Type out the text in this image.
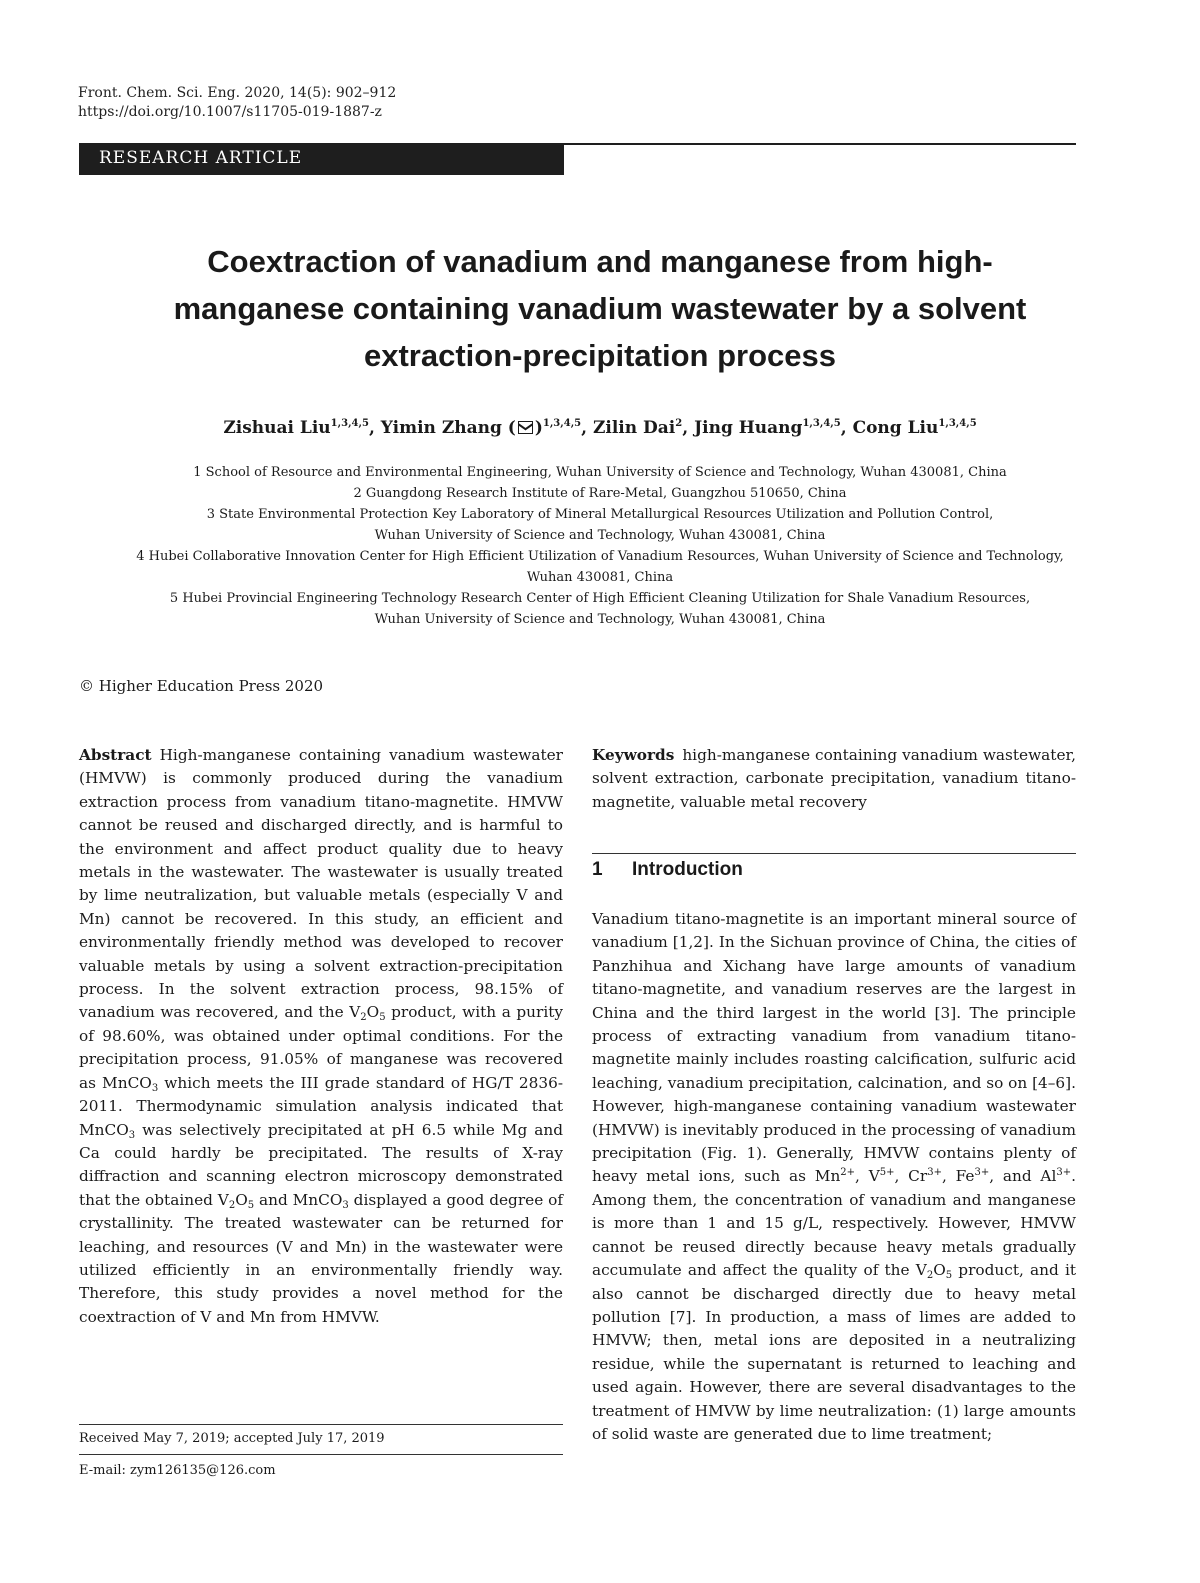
Front. Chem. Sci. Eng. 2020, 14(5): 902–912
https://doi.org/10.1007/s11705-019-1887-z
RESEARCH ARTICLE
Coextraction of vanadium and manganese from high-
manganese containing vanadium wastewater by a solvent
extraction-precipitation process
Zishuai Liu$^{1,3,4,5}$, Yimin Zhang ( )$^{1,3,4,5}$, Zilin Dai$^2$, Jing Huang$^{1,3,4,5}$, Cong Liu$^{1,3,4,5}$
1 School of Resource and Environmental Engineering, Wuhan University of Science and Technology, Wuhan 430081, China
2 Guangdong Research Institute of Rare-Metal, Guangzhou 510650, China
3 State Environmental Protection Key Laboratory of Mineral Metallurgical Resources Utilization and Pollution Control,
Wuhan University of Science and Technology, Wuhan 430081, China
4 Hubei Collaborative Innovation Center for High Efficient Utilization of Vanadium Resources, Wuhan University of Science and Technology,
Wuhan 430081, China
5 Hubei Provincial Engineering Technology Research Center of High Efficient Cleaning Utilization for Shale Vanadium Resources,
Wuhan University of Science and Technology, Wuhan 430081, China
© Higher Education Press 2020

Abstract High-manganese containing vanadium wastewater (HMVW) is commonly produced during the vanadium extraction process from vanadium titano-magnetite. HMVW cannot be reused and discharged directly, and is harmful to the environment and affect product quality due to heavy metals in the wastewater. The wastewater is usually treated by lime neutralization, but valuable metals (especially V and Mn) cannot be recovered. In this study, an efficient and environmentally friendly method was developed to recover valuable metals by using a solvent extraction-precipitation process. In the solvent extraction process, 98.15% of vanadium was recovered, and the $V_2O_5$ product, with a purity of 98.60%, was obtained under optimal conditions. For the precipitation process, 91.05% of manganese was recovered as MnCO$_3$ which meets the III grade standard of HG/T 2836-2011. Thermodynamic simulation analysis indicated that MnCO$_3$ was selectively precipitated at pH 6.5 while Mg and Ca could hardly be precipitated. The results of X-ray diffraction and scanning electron microscopy demonstrated that the obtained $V_2O_5$ and MnCO$_3$ displayed a good degree of crystallinity. The treated wastewater can be returned for leaching, and resources (V and Mn) in the wastewater were utilized efficiently in an environmentally friendly way. Therefore, this study provides a novel method for the coextraction of V and Mn from HMVW.

Keywords high-manganese containing vanadium wastewater, solvent extraction, carbonate precipitation, vanadium titano-magnetite, valuable metal recovery

1 Introduction

Vanadium titano-magnetite is an important mineral source of vanadium [1,2]. In the Sichuan province of China, the cities of Panzhihua and Xichang have large amounts of vanadium titano-magnetite, and vanadium reserves are the largest in China and the third largest in the world [3]. The principle process of extracting vanadium from vanadium titano-magnetite mainly includes roasting calcification, sulfuric acid leaching, vanadium precipitation, calcination, and so on [4–6]. However, high-manganese containing vanadium wastewater (HMVW) is inevitably produced in the processing of vanadium precipitation (Fig. 1). Generally, HMVW contains plenty of heavy metal ions, such as $Mn^{2+}$, $V^{5+}$, $Cr^{3+}$, $Fe^{3+}$, and $Al^{3+}$. Among them, the concentration of vanadium and manganese is more than 1 and 15 g/L, respectively. However, HMVW cannot be reused directly because heavy metals gradually accumulate and affect the quality of the $V_2O_5$ product, and it also cannot be discharged directly due to heavy metal pollution [7]. In production, a mass of limes are added to HMVW; then, metal ions are deposited in a neutralizing residue, while the supernatant is returned to leaching and used again. However, there are several disadvantages to the treatment of HMVW by lime neutralization: (1) large amounts of solid waste are generated due to lime treatment;

Received May 7, 2019; accepted July 17, 2019
E-mail: zym126135@126.com
